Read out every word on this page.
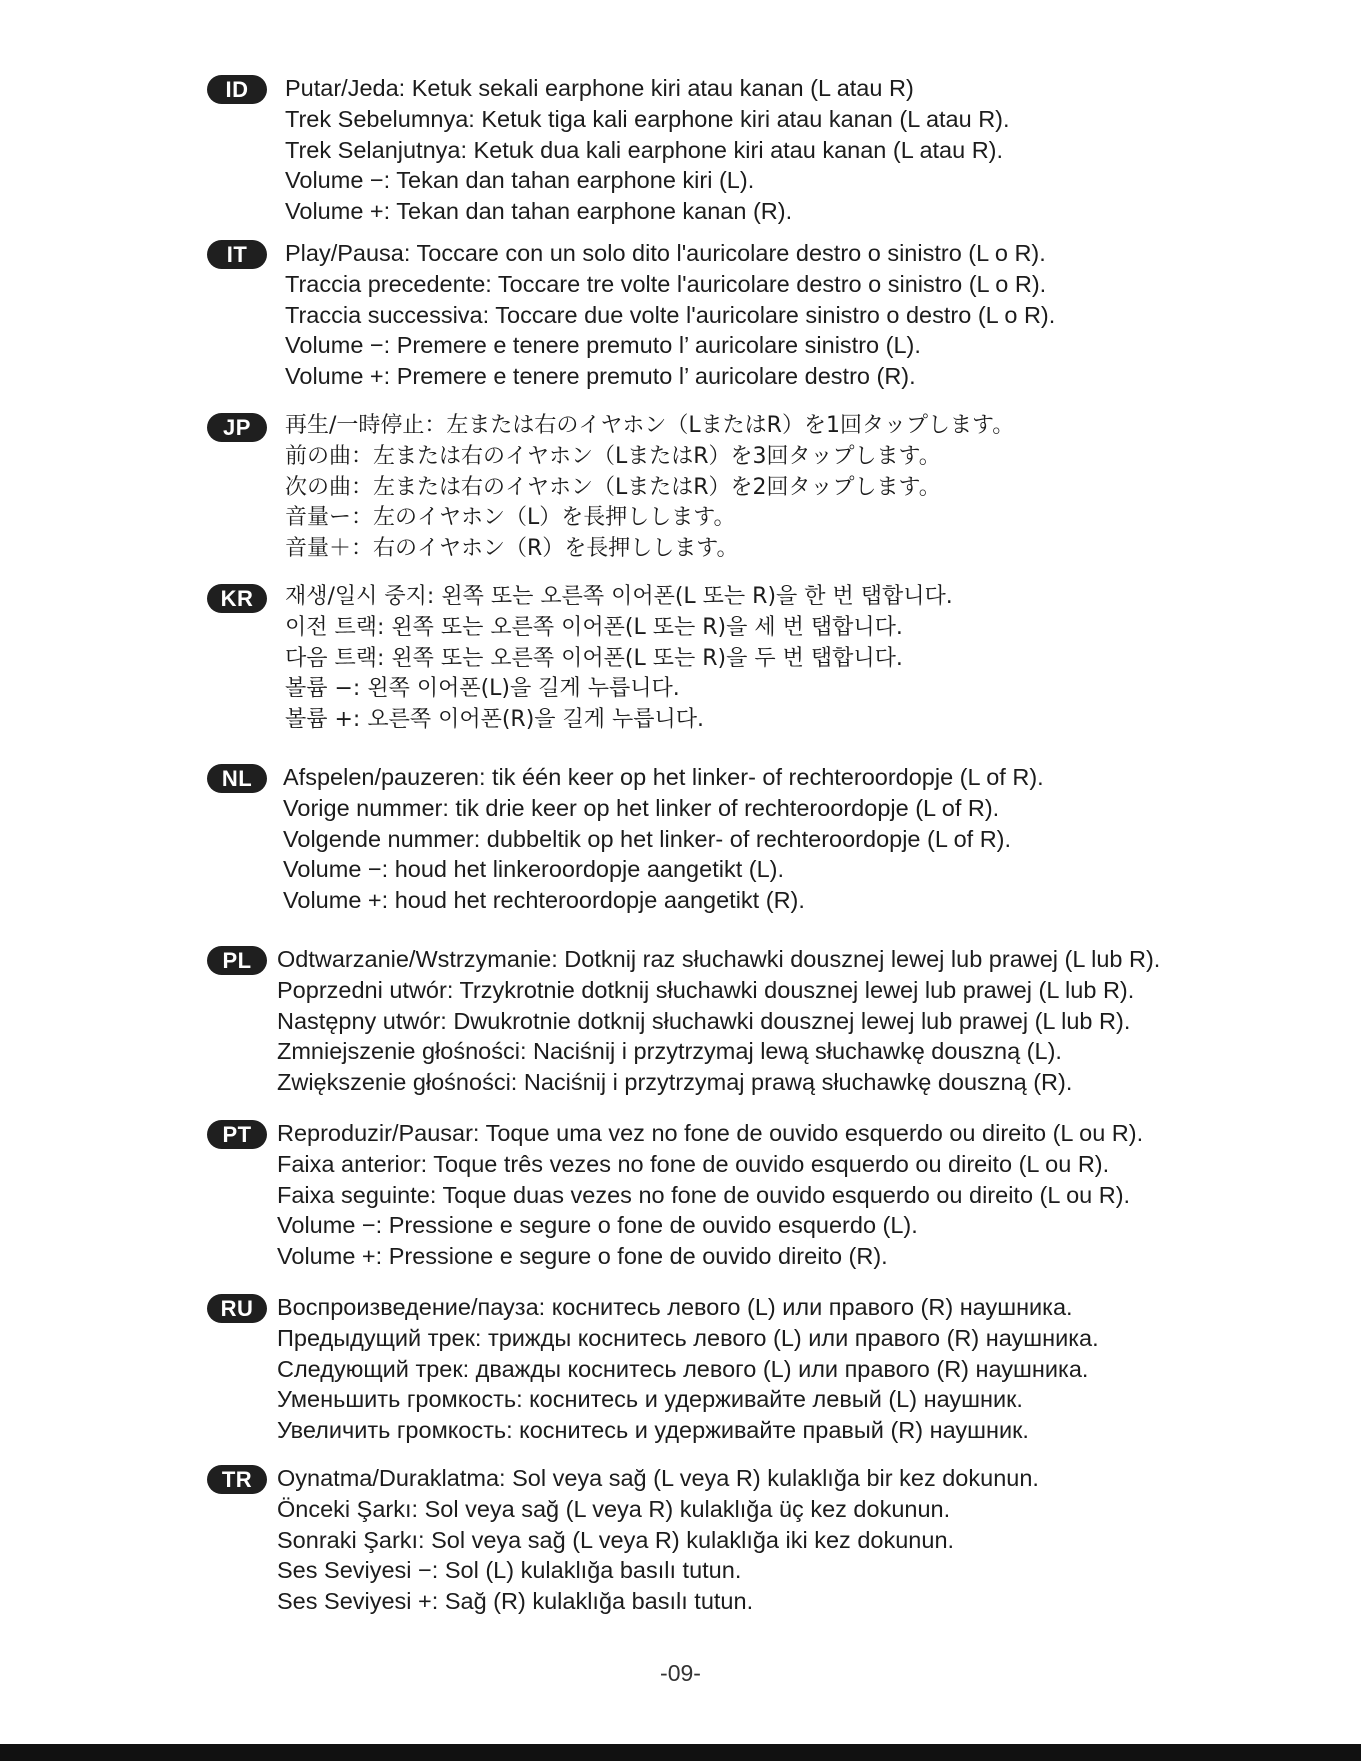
ID	Putar/Jeda: Ketuk sekali earphone kiri atau kanan (L atau R)
Trek Sebelumnya: Ketuk tiga kali earphone kiri atau kanan (L atau R).
Trek Selanjutnya: Ketuk dua kali earphone kiri atau kanan (L atau R).
Volume −: Tekan dan tahan earphone kiri (L).
Volume +: Tekan dan tahan earphone kanan (R).
IT	Play/Pausa: Toccare con un solo dito l'auricolare destro o sinistro (L o R).
Traccia precedente: Toccare tre volte l'auricolare destro o sinistro (L o R).
Traccia successiva: Toccare due volte l'auricolare sinistro o destro (L o R).
Volume −: Premere e tenere premuto l’ auricolare sinistro (L).
Volume +: Premere e tenere premuto l’ auricolare destro (R).
JP	再生/一時停止：左または右のイヤホン（LまたはR）を1回タップします。
前の曲：左または右のイヤホン（LまたはR）を3回タップします。
次の曲：左または右のイヤホン（LまたはR）を2回タップします。
音量ー：左のイヤホン（L）を長押しします。
音量＋：右のイヤホン（R）を長押しします。
KR	재생/일시 중지: 왼쪽 또는 오른쪽 이어폰(L 또는 R)을 한 번 탭합니다.
이전 트랙: 왼쪽 또는 오른쪽 이어폰(L 또는 R)을 세 번 탭합니다.
다음 트랙: 왼쪽 또는 오른쪽 이어폰(L 또는 R)을 두 번 탭합니다.
볼륨 −: 왼쪽 이어폰(L)을 길게 누릅니다.
볼륨 +: 오른쪽 이어폰(R)을 길게 누릅니다.
NL	Afspelen/pauzeren: tik één keer op het linker- of rechteroordopje (L of R).
Vorige nummer: tik drie keer op het linker of rechteroordopje (L of R).
Volgende nummer: dubbeltik op het linker- of rechteroordopje (L of R).
Volume −: houd het linkeroordopje aangetikt (L).
Volume +: houd het rechteroordopje aangetikt (R).
PL	Odtwarzanie/Wstrzymanie: Dotknij raz słuchawki dousznej lewej lub prawej (L lub R).
Poprzedni utwór: Trzykrotnie dotknij słuchawki dousznej lewej lub prawej (L lub R).
Następny utwór: Dwukrotnie dotknij słuchawki dousznej lewej lub prawej (L lub R).
Zmniejszenie głośności: Naciśnij i przytrzymaj lewą słuchawkę douszną (L).
Zwiększenie głośności: Naciśnij i przytrzymaj prawą słuchawkę douszną (R).
PT	Reproduzir/Pausar: Toque uma vez no fone de ouvido esquerdo ou direito (L ou R).
Faixa anterior: Toque três vezes no fone de ouvido esquerdo ou direito (L ou R).
Faixa seguinte: Toque duas vezes no fone de ouvido esquerdo ou direito (L ou R).
Volume −: Pressione e segure o fone de ouvido esquerdo (L).
Volume +: Pressione e segure o fone de ouvido direito (R).
RU	Воспроизведение/пауза: коснитесь левого (L) или правого (R) наушника.
Предыдущий трек: трижды коснитесь левого (L) или правого (R) наушника.
Следующий трек: дважды коснитесь левого (L) или правого (R) наушника.
Уменьшить громкость: коснитесь и удерживайте левый (L) наушник.
Увеличить громкость: коснитесь и удерживайте правый (R) наушник.
TR	Oynatma/Duraklatma: Sol veya sağ (L veya R) kulaklığa bir kez dokunun.
Önceki Şarkı: Sol veya sağ (L veya R) kulaklığa üç kez dokunun.
Sonraki Şarkı: Sol veya sağ (L veya R) kulaklığa iki kez dokunun.
Ses Seviyesi −: Sol (L) kulaklığa basılı tutun.
Ses Seviyesi +: Sağ (R) kulaklığa basılı tutun.
-09-
